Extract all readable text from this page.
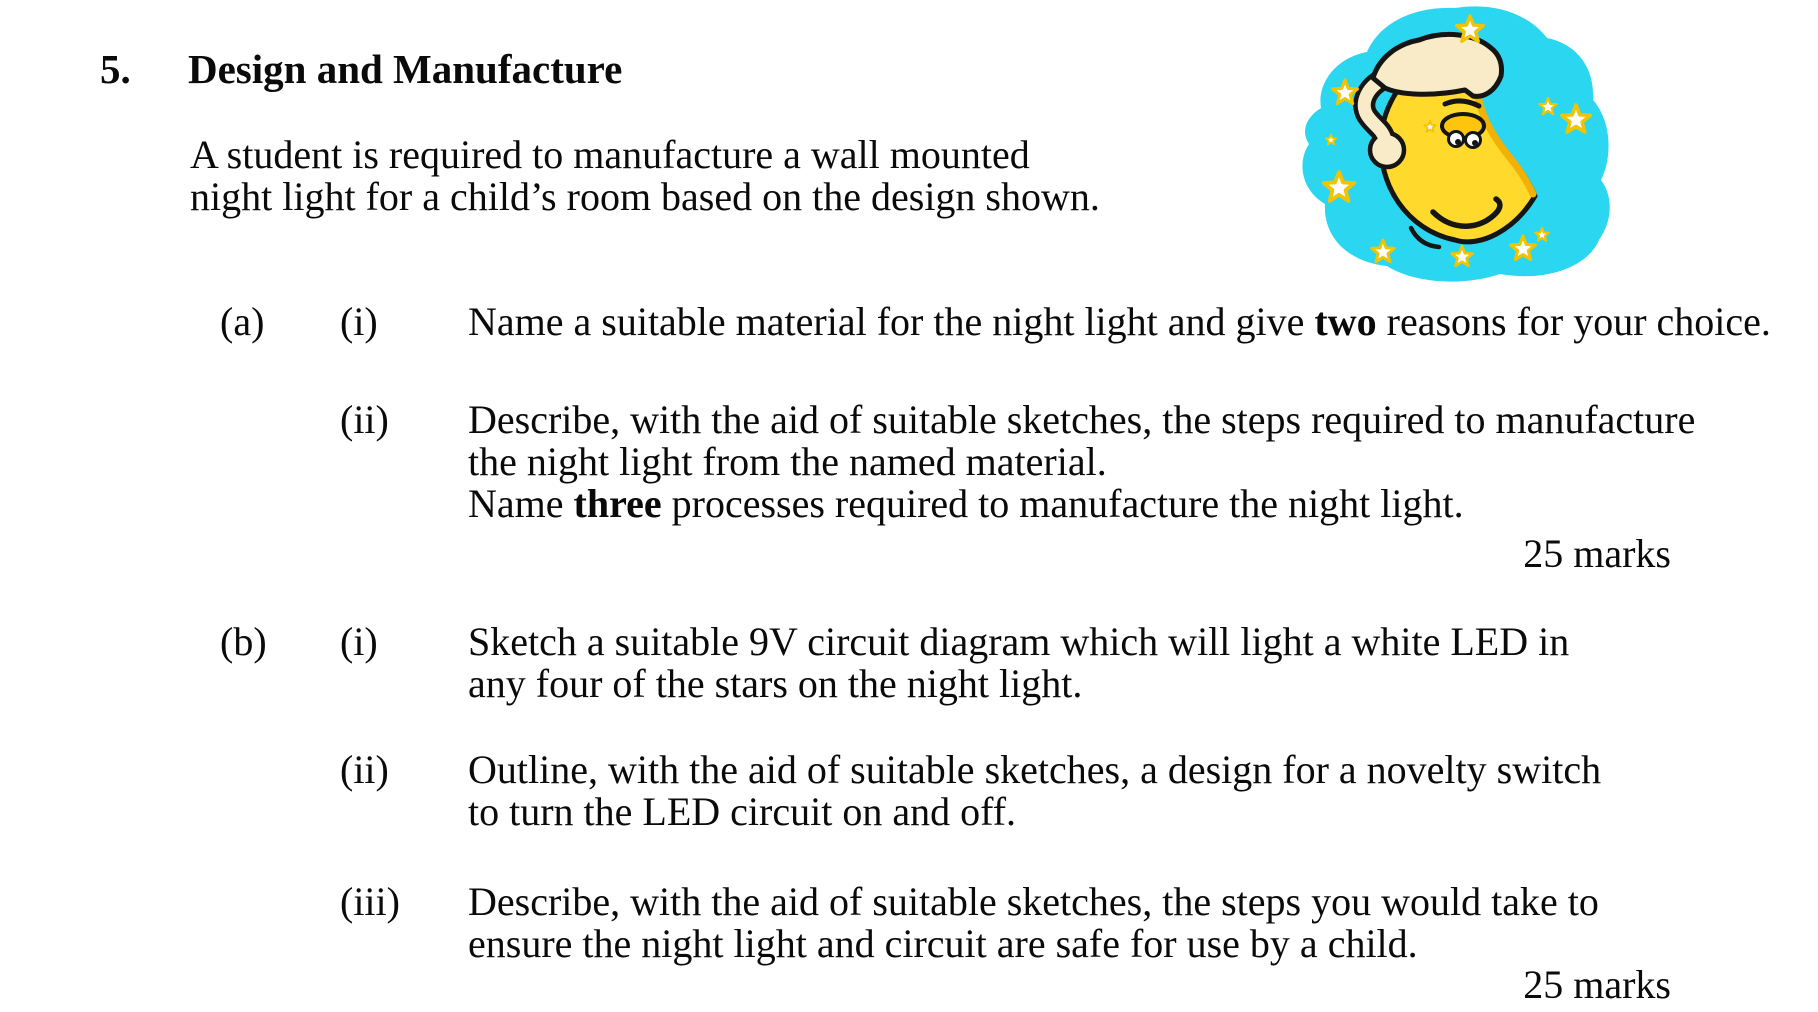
5. Design and Manufacture
A student is required to manufacture a wall mounted
night light for a child’s room based on the design shown.
(a) (i) Name a suitable material for the night light and give two reasons for your choice.
(ii) Describe, with the aid of suitable sketches, the steps required to manufacture
the night light from the named material.
Name three processes required to manufacture the night light.
25 marks
(b) (i) Sketch a suitable 9V circuit diagram which will light a white LED in
any four of the stars on the night light.
(ii) Outline, with the aid of suitable sketches, a design for a novelty switch
to turn the LED circuit on and off.
(iii) Describe, with the aid of suitable sketches, the steps you would take to
ensure the night light and circuit are safe for use by a child.
25 marks
